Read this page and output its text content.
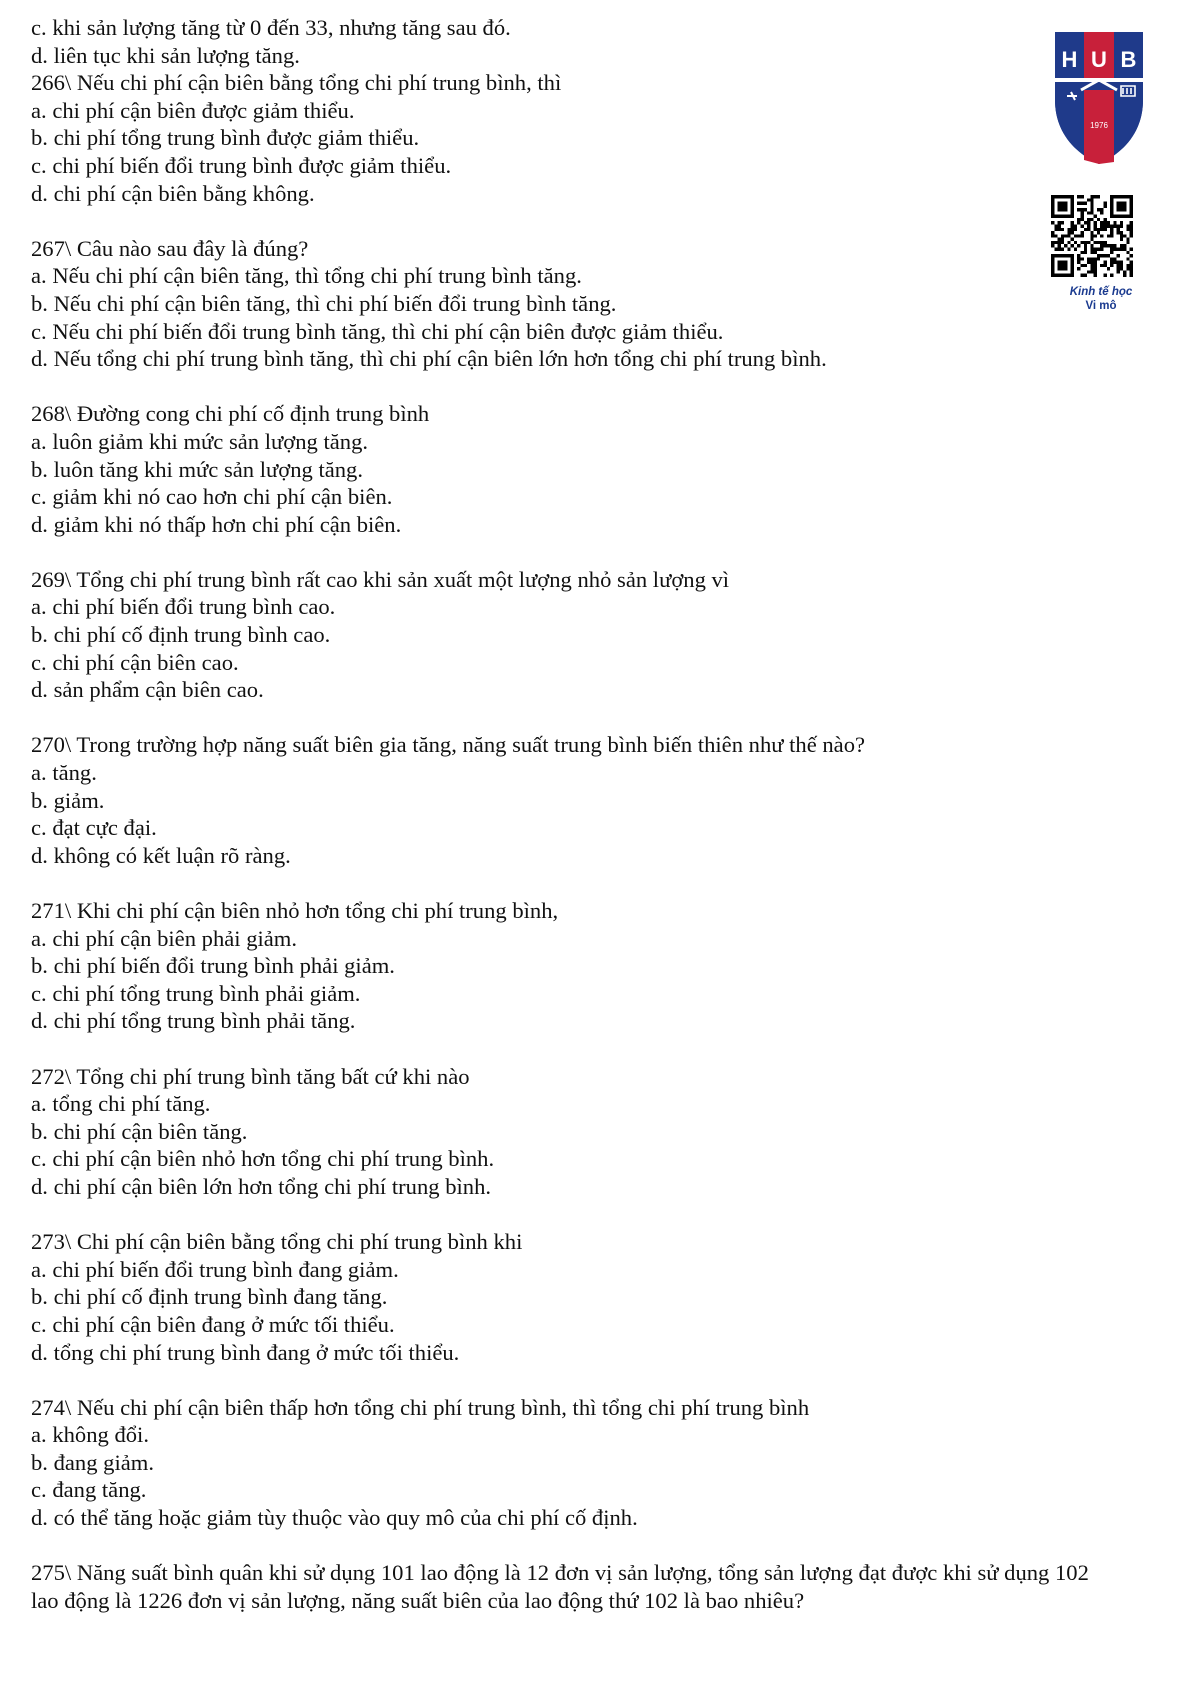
c. khi sản lượng tăng từ 0 đến 33, nhưng tăng sau đó.
d. liên tục khi sản lượng tăng.
266\ Nếu chi phí cận biên bằng tổng chi phí trung bình, thì
a. chi phí cận biên được giảm thiểu.
b. chi phí tổng trung bình được giảm thiểu.
c. chi phí biến đổi trung bình được giảm thiểu.
d. chi phí cận biên bằng không.
267\ Câu nào sau đây là đúng?
a. Nếu chi phí cận biên tăng, thì tổng chi phí trung bình tăng.
b. Nếu chi phí cận biên tăng, thì chi phí biến đổi trung bình tăng.
c. Nếu chi phí biến đổi trung bình tăng, thì chi phí cận biên được giảm thiểu.
d. Nếu tổng chi phí trung bình tăng, thì chi phí cận biên lớn hơn tổng chi phí trung bình.
268\ Đường cong chi phí cố định trung bình
a. luôn giảm khi mức sản lượng tăng.
b. luôn tăng khi mức sản lượng tăng.
c. giảm khi nó cao hơn chi phí cận biên.
d. giảm khi nó thấp hơn chi phí cận biên.
269\ Tổng chi phí trung bình rất cao khi sản xuất một lượng nhỏ sản lượng vì
a. chi phí biến đổi trung bình cao.
b. chi phí cố định trung bình cao.
c. chi phí cận biên cao.
d. sản phẩm cận biên cao.
270\ Trong trường hợp năng suất biên gia tăng, năng suất trung bình biến thiên như thế nào?
a. tăng.
b. giảm.
c. đạt cực đại.
d. không có kết luận rõ ràng.
271\ Khi chi phí cận biên nhỏ hơn tổng chi phí trung bình,
a. chi phí cận biên phải giảm.
b. chi phí biến đổi trung bình phải giảm.
c. chi phí tổng trung bình phải giảm.
d. chi phí tổng trung bình phải tăng.
272\ Tổng chi phí trung bình tăng bất cứ khi nào
a. tổng chi phí tăng.
b. chi phí cận biên tăng.
c. chi phí cận biên nhỏ hơn tổng chi phí trung bình.
d. chi phí cận biên lớn hơn tổng chi phí trung bình.
273\ Chi phí cận biên bằng tổng chi phí trung bình khi
a. chi phí biến đổi trung bình đang giảm.
b. chi phí cố định trung bình đang tăng.
c. chi phí cận biên đang ở mức tối thiểu.
d. tổng chi phí trung bình đang ở mức tối thiểu.
274\ Nếu chi phí cận biên thấp hơn tổng chi phí trung bình, thì tổng chi phí trung bình
a. không đổi.
b. đang giảm.
c. đang tăng.
d. có thể tăng hoặc giảm tùy thuộc vào quy mô của chi phí cố định.
275\ Năng suất bình quân khi sử dụng 101 lao động là 12 đơn vị sản lượng, tổng sản lượng đạt được khi sử dụng 102
lao động là 1226 đơn vị sản lượng, năng suất biên của lao động thứ 102 là bao nhiêu?
H U B
1976
Kinh tế học
Vi mô
